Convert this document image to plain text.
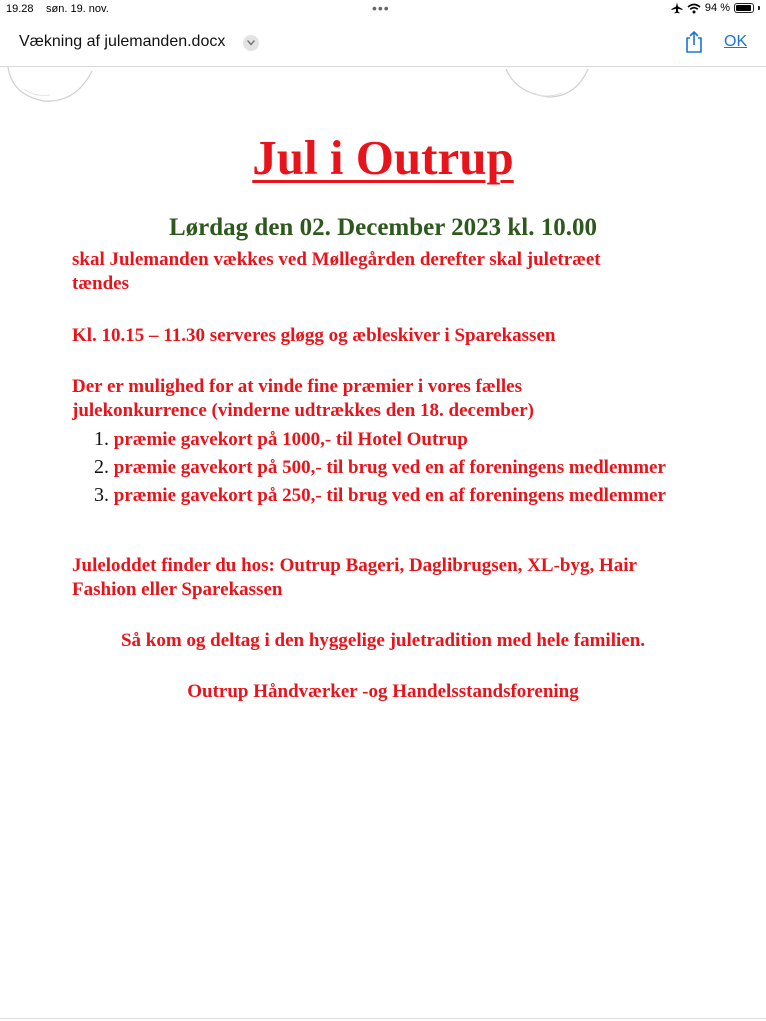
19.28 søn. 19. nov.	•••	94 %
Vækning af julemanden.docx	OK
Jul i Outrup
Lørdag den 02. December 2023 kl. 10.00
skal Julemanden vækkes ved Møllegården derefter skal juletræet
tændes
Kl. 10.15 – 11.30 serveres gløgg og æbleskiver i Sparekassen
Der er mulighed for at vinde fine præmier i vores fælles
julekonkurrence (vinderne udtrækkes den 18. december)
1. præmie gavekort på 1000,- til Hotel Outrup
2. præmie gavekort på 500,- til brug ved en af foreningens medlemmer
3. præmie gavekort på 250,- til brug ved en af foreningens medlemmer
Juleloddet finder du hos: Outrup Bageri, Daglibrugsen, XL-byg, Hair
Fashion eller Sparekassen
Så kom og deltag i den hyggelige juletradition med hele familien.
Outrup Håndværker -og Handelsstandsforening
